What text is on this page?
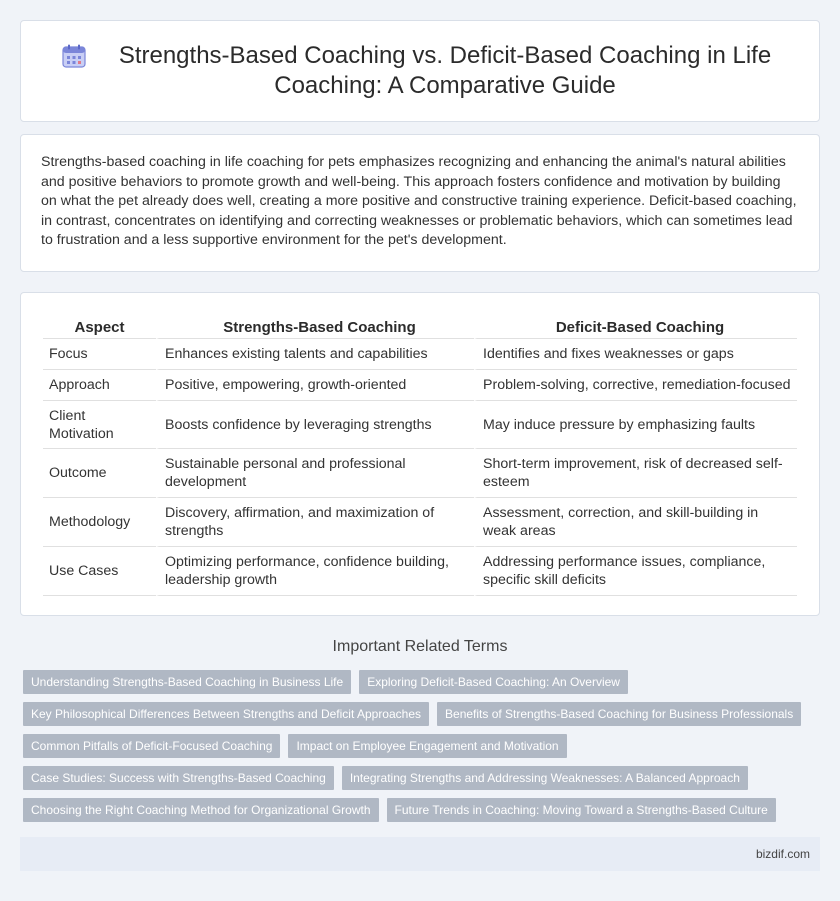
Strengths-Based Coaching vs. Deficit-Based Coaching in Life Coaching: A Comparative Guide

Strengths-based coaching in life coaching for pets emphasizes recognizing and enhancing the animal's natural abilities and positive behaviors to promote growth and well-being. This approach fosters confidence and motivation by building on what the pet already does well, creating a more positive and constructive training experience. Deficit-based coaching, in contrast, concentrates on identifying and correcting weaknesses or problematic behaviors, which can sometimes lead to frustration and a less supportive environment for the pet's development.

Aspect	Strengths-Based Coaching	Deficit-Based Coaching
Focus	Enhances existing talents and capabilities	Identifies and fixes weaknesses or gaps
Approach	Positive, empowering, growth-oriented	Problem-solving, corrective, remediation-focused
Client Motivation	Boosts confidence by leveraging strengths	May induce pressure by emphasizing faults
Outcome	Sustainable personal and professional development	Short-term improvement, risk of decreased self-esteem
Methodology	Discovery, affirmation, and maximization of strengths	Assessment, correction, and skill-building in weak areas
Use Cases	Optimizing performance, confidence building, leadership growth	Addressing performance issues, compliance, specific skill deficits
Important Related Terms
Understanding Strengths-Based Coaching in Business Life	Exploring Deficit-Based Coaching: An Overview
Key Philosophical Differences Between Strengths and Deficit Approaches	Benefits of Strengths-Based Coaching for Business Professionals
Common Pitfalls of Deficit-Focused Coaching	Impact on Employee Engagement and Motivation
Case Studies: Success with Strengths-Based Coaching	Integrating Strengths and Addressing Weaknesses: A Balanced Approach
Choosing the Right Coaching Method for Organizational Growth	Future Trends in Coaching: Moving Toward a Strengths-Based Culture
bizdif.com
